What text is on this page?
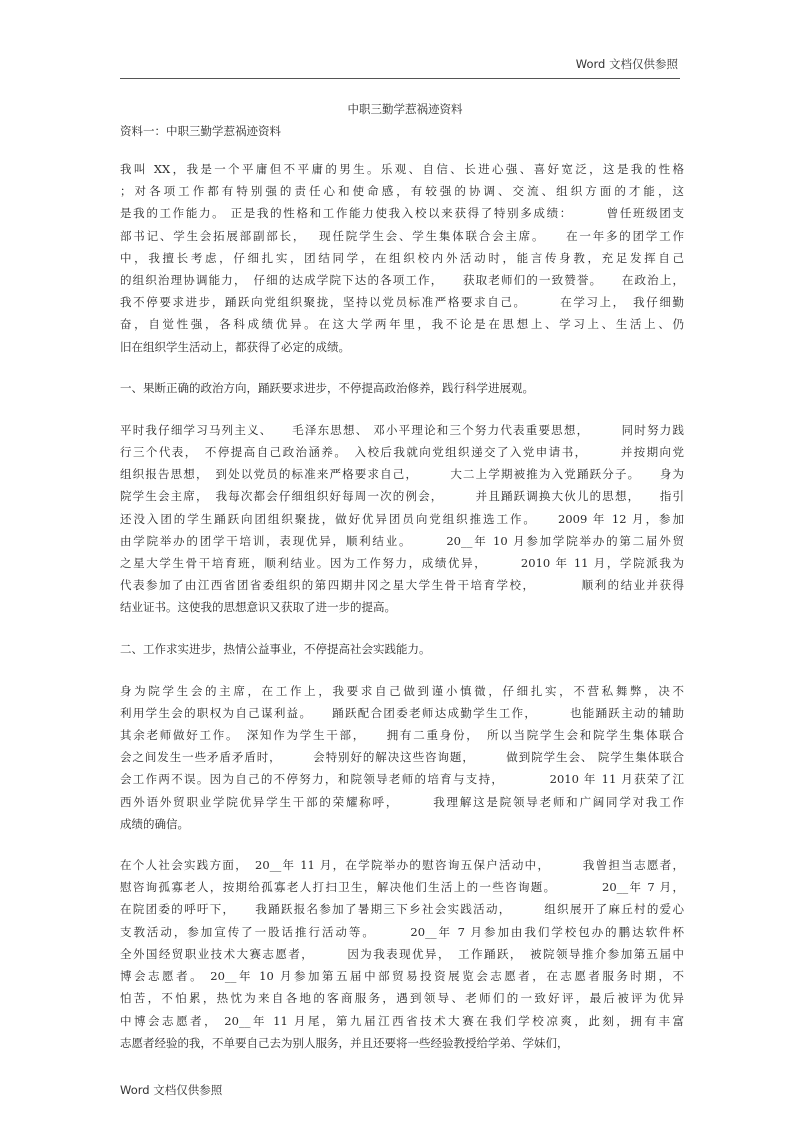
Word 文档仅供参照
中职三勤学惹祸迹资料
资料一：中职三勤学惹祸迹资料
我叫 XX，我是一个平庸但不平庸的男生。乐观、自信、长进心强、喜好宽泛，这是我的性格
；对各项工作都有特别强的责任心和使命感，有较强的协调、交流、组织方面的才能，这
是我的工作能力。 正是我的性格和工作能力使我入校以来获得了特别多成绩：　　　曾任班级团支
部书记、学生会拓展部副部长，　 现任院学生会、学生集体联合会主席。　　在一年多的团学工作
中，我擅长考虑，仔细扎实，团结同学，在组织校内外活动时，能言传身教，充足发挥自己
的组织治理协调能力，　仔细的达成学院下达的各项工作，　　获取老师们的一致赞誉。　　在政治上，
我不停要求进步，踊跃向党组织聚拢，坚持以党员标准严格要求自己。　　　在学习上，　我仔细勤
奋，自觉性强，各科成绩优异。在这大学两年里，我不论是在思想上、学习上、生活上、仍
旧在组织学生活动上，都获得了必定的成绩。
一、果断正确的政治方向，踊跃要求进步，不停提高政治修养，践行科学进展观。
平时我仔细学习马列主义、　　毛泽东思想、 邓小平理论和三个努力代表重要思想，　　　同时努力践
行三个代表，　不停提高自己政治涵养。　入校后我就向党组织递交了入党申请书，　　　并按期向党
组织报告思想，　到处以党员的标准来严格要求自己，　　　大二上学期被推为入党踊跃分子。　　身为
院学生会主席，　我每次都会仔细组织好每周一次的例会，　　　并且踊跃调换大伙儿的思想，　　指引
还没入团的学生踊跃向团组织聚拢，做好优异团员向党组织推选工作。　　2009 年 12 月，参加
由学院举办的团学干培训，表现优异，顺利结业。　　　20__年 10 月参加学院举办的第二届外贸
之星大学生骨干培育班，顺利结业。因为工作努力，成绩优异，　　　2010 年 11 月，学院派我为
代表参加了由江西省团省委组织的第四期井冈之星大学生骨干培育学校，　　　　顺利的结业并获得
结业证书。这使我的思想意识又获取了进一步的提高。
二、工作求实进步，热情公益事业，不停提高社会实践能力。
身为院学生会的主席，在工作上，我要求自己做到谨小慎微，仔细扎实，不营私舞弊，决不
利用学生会的职权为自己谋利益。　　踊跃配合团委老师达成勤学生工作，　　　也能踊跃主动的辅助
其余老师做好工作。　深知作为学生干部，　　拥有二重身份，　所以当院学生会和院学生集体联合
会之间发生一些矛盾矛盾时，　　　会特别好的解决这些咨询题，　　　做到院学生会、 院学生集体联合
会工作两不误。因为自己的不停努力，和院领导老师的培育与支持，　　　　2010 年 11 月获荣了江
西外语外贸职业学院优异学生干部的荣耀称呼，　　　我理解这是院领导老师和广阔同学对我工作
成绩的确信。
在个人社会实践方面，　20__年 11 月，在学院举办的慰咨询五保户活动中，　　　我曾担当志愿者，
慰咨询孤寡老人，按期给孤寡老人打扫卫生，解决他们生活上的一些咨询题。　　　　20__年 7 月，
在院团委的呼吁下，　　我踊跃报名参加了暑期三下乡社会实践活动，　　　组织展开了麻丘村的爱心
支教活动，参加宣传了一股话推行活动等。　　　20__年 7 月参加由我们学校包办的鹏达软件杯
全外国经贸职业技术大赛志愿者，　　　因为我表现优异，　工作踊跃，　被院领导推介参加第五届中
博会志愿者。 20__年 10 月参加第五届中部贸易投资展览会志愿者，在志愿者服务时期，不
怕苦，不怕累，热忱为来自各地的客商服务，遇到领导、老师们的一致好评，最后被评为优异
中博会志愿者， 20__年 11 月尾，第九届江西省技术大赛在我们学校凉爽，此刻，拥有丰富
志愿者经验的我，不单要自己去为别人服务，并且还要将一些经验教授给学弟、学妹们，
Word 文档仅供参照
